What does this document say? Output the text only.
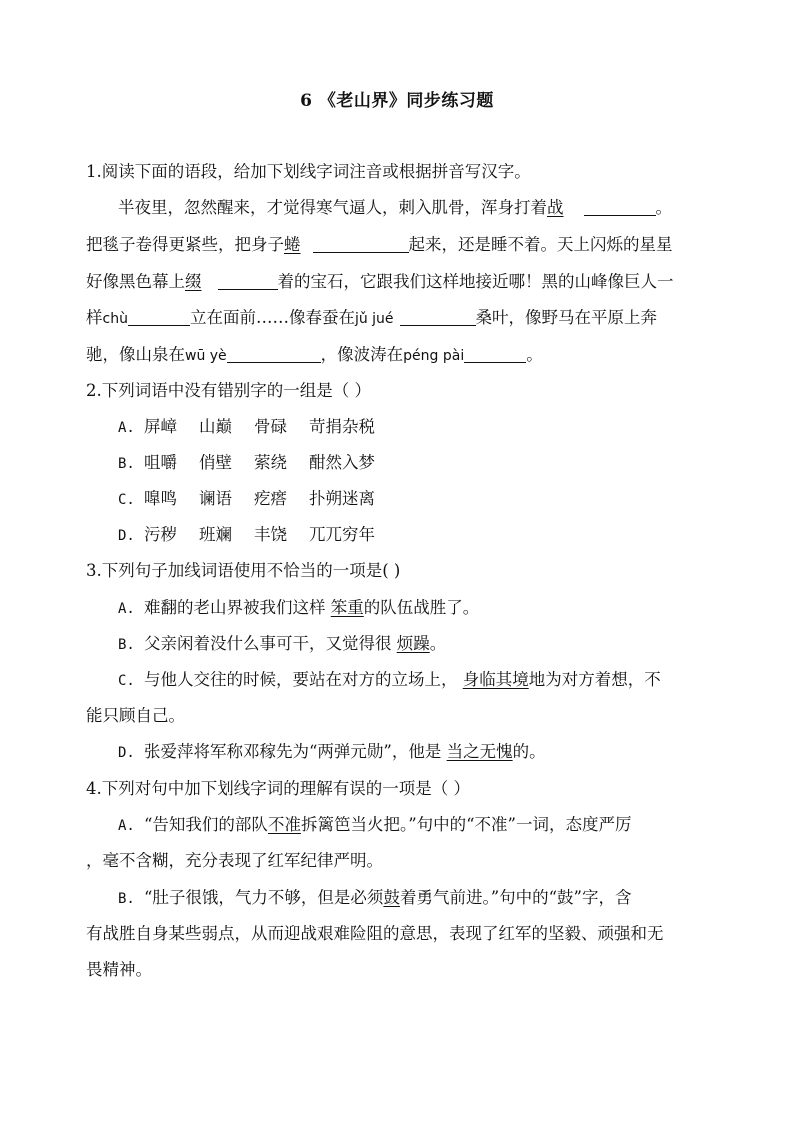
6 《老山界》同步练习题
1.阅读下面的语段，给加下划线字词注音或根据拼音写汉字。
半夜里，忽然醒来，才觉得寒气逼人，刺入肌骨，浑身打着战	。
把毯子卷得更紧些，把身子蜷	起来，还是睡不着。天上闪烁的星星
好像黑色幕上缀	着的宝石，它跟我们这样地接近哪！黑的山峰像巨人一
样chù	立在面前……像春蚕在jǔ jué	桑叶，像野马在平原上奔
驰，像山泉在wū yè	，像波涛在péng pài	。
2.下列词语中没有错别字的一组是（ ）
A. 屏嶂 山巅 骨碌 苛捐杂税
B. 咀嚼 俏壁 萦绕 酣然入梦
C. 嘷鸣 谰语 疙瘩 扑朔迷离
D. 污秽 班斓 丰饶 兀兀穷年
3.下列句子加线词语使用不恰当的一项是( )
A. 难翻的老山界被我们这样 笨重的队伍战胜了。
B. 父亲闲着没什么事可干，又觉得很 烦躁。
C. 与他人交往的时候，要站在对方的立场上， 身临其境地为对方着想，不
能只顾自己。
D. 张爱萍将军称邓稼先为“两弹元勋”，他是 当之无愧的。
4.下列对句中加下划线字词的理解有误的一项是（ ）
A. “告知我们的部队不准拆篱笆当火把。”句中的“不准”一词，态度严厉
，毫不含糊，充分表现了红军纪律严明。
B. “肚子很饿，气力不够，但是必须鼓着勇气前进。”句中的“鼓”字，含
有战胜自身某些弱点，从而迎战艰难险阻的意思，表现了红军的坚毅、顽强和无
畏精神。
